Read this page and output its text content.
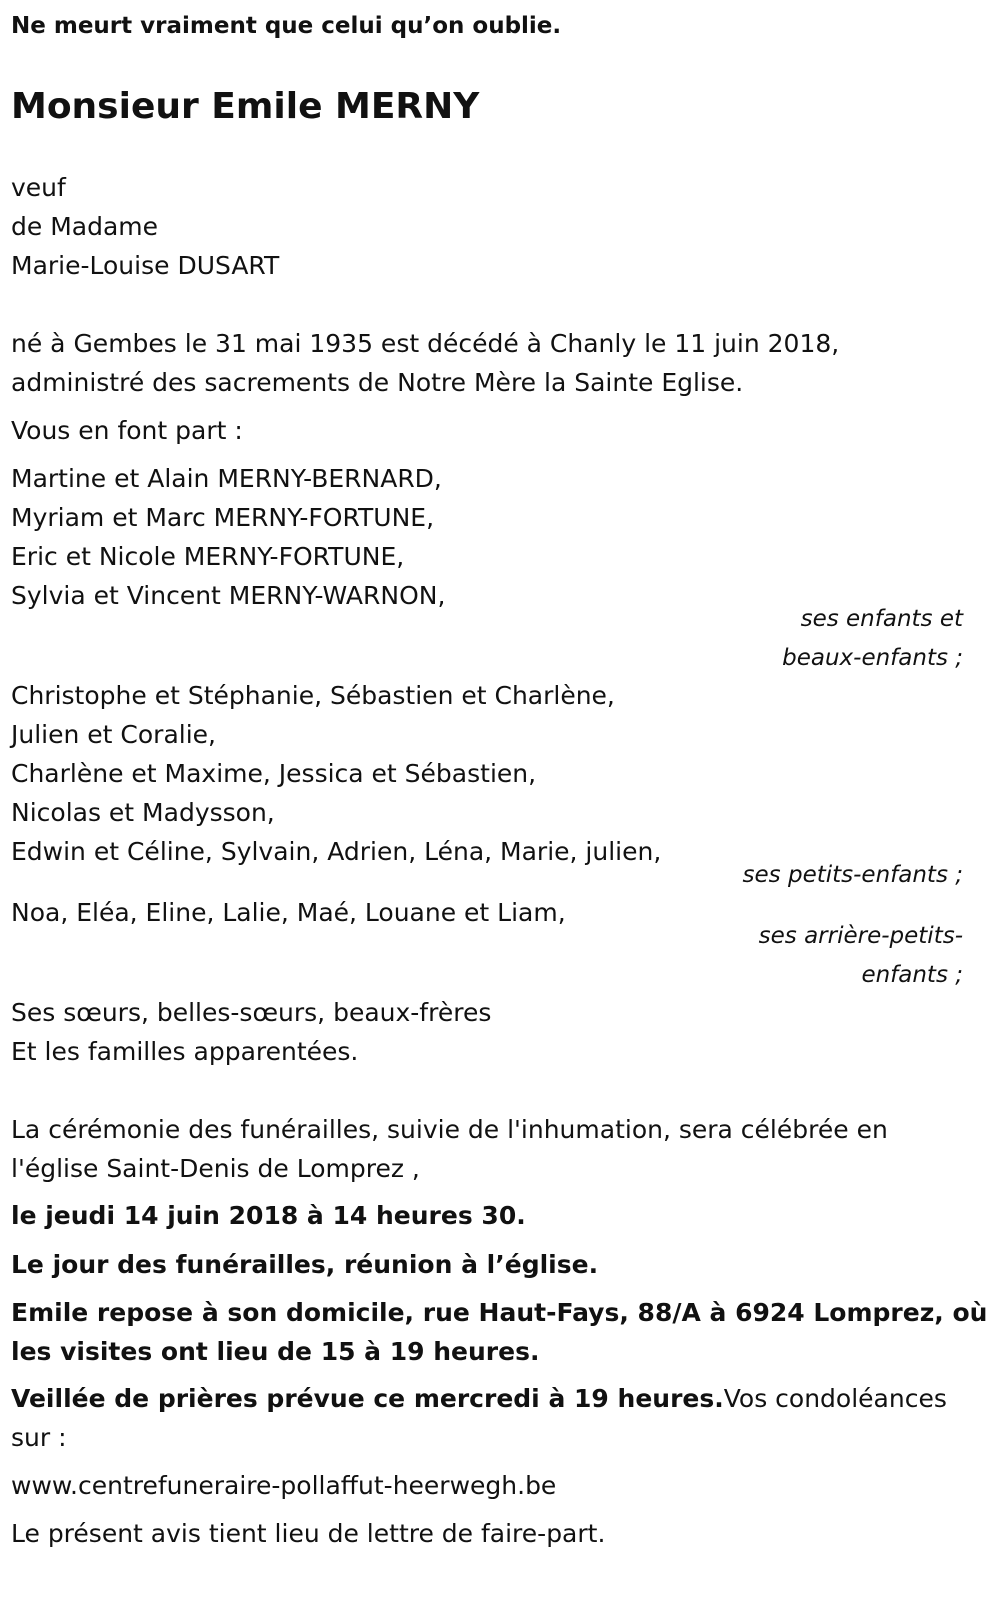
Ne meurt vraiment que celui qu’on oublie.
Monsieur Emile MERNY
veuf
de Madame
Marie-Louise DUSART
né à Gembes le 31 mai 1935 est décédé à Chanly le 11 juin 2018,
administré des sacrements de Notre Mère la Sainte Eglise.
Vous en font part :
Martine et Alain MERNY-BERNARD,
Myriam et Marc MERNY-FORTUNE,
Eric et Nicole MERNY-FORTUNE,
Sylvia et Vincent MERNY-WARNON,
ses enfants et
beaux-enfants ;
Christophe et Stéphanie, Sébastien et Charlène,
Julien et Coralie,
Charlène et Maxime, Jessica et Sébastien,
Nicolas et Madysson,
Edwin et Céline, Sylvain, Adrien, Léna, Marie, julien,
ses petits-enfants ;
Noa, Eléa, Eline, Lalie, Maé, Louane et Liam,
ses arrière-petits-
enfants ;
Ses sœurs, belles-sœurs, beaux-frères
Et les familles apparentées.
La cérémonie des funérailles, suivie de l'inhumation, sera célébrée en
l'église Saint-Denis de Lomprez ,
le jeudi 14 juin 2018 à 14 heures 30.
Le jour des funérailles, réunion à l’église.
Emile repose à son domicile, rue Haut-Fays, 88/A à 6924 Lomprez, où
les visites ont lieu de 15 à 19 heures.
Veillée de prières prévue ce mercredi à 19 heures.Vos condoléances
sur :
www.centrefuneraire-pollaffut-heerwegh.be
Le présent avis tient lieu de lettre de faire-part.
